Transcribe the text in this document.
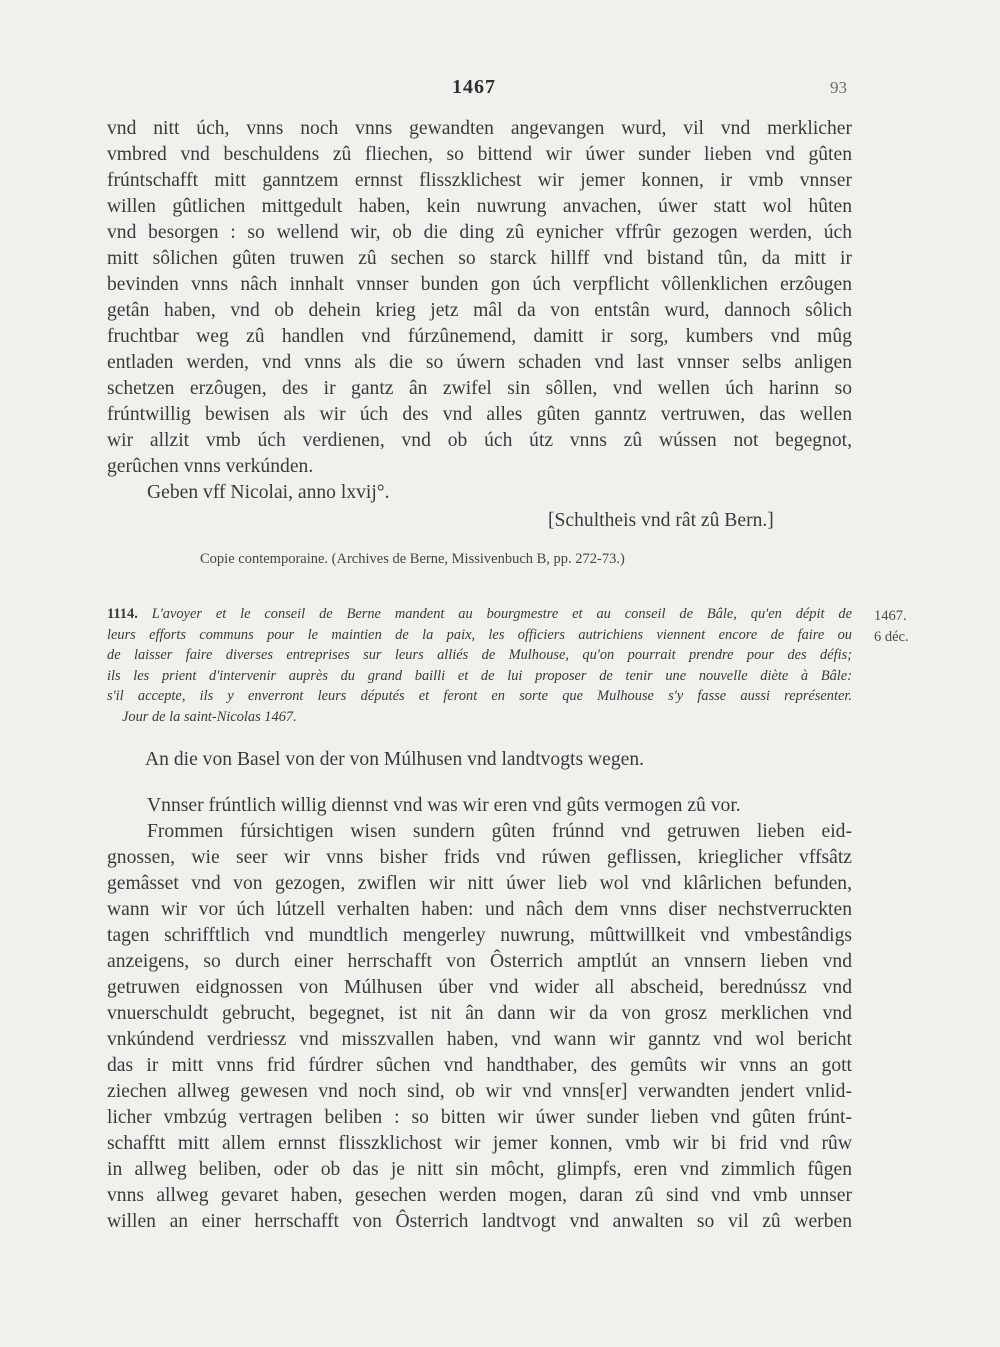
1467	93
vnd nitt úch, vnns noch vnns gewandten angevangen wurd, vil vnd merklicher
vmbred vnd beschuldens zû fliechen, so bittend wir úwer sunder lieben vnd gûten
frúntschafft mitt ganntzem ernnst flisszklichest wir jemer konnen, ir vmb vnnser
willen gûtlichen mittgedult haben, kein nuwrung anvachen, úwer statt wol hûten
vnd besorgen : so wellend wir, ob die ding zû eynicher vffrûr gezogen werden, úch
mitt sôlichen gûten truwen zû sechen so starck hillff vnd bistand tûn, da mitt ir
bevinden vnns nâch innhalt vnnser bunden gon úch verpflicht vôllenklichen erzôugen
getân haben, vnd ob dehein krieg jetz mâl da von entstân wurd, dannoch sôlich
fruchtbar weg zû handlen vnd fúrzûnemend, damitt ir sorg, kumbers vnd mûg
entladen werden, vnd vnns als die so úwern schaden vnd last vnnser selbs anligen
schetzen erzôugen, des ir gantz ân zwifel sin sôllen, vnd wellen úch harinn so
frúntwillig bewisen als wir úch des vnd alles gûten ganntz vertruwen, das wellen
wir allzit vmb úch verdienen, vnd ob úch útz vnns zû wússen not begegnot,
gerûchen vnns verkúnden.
Geben vff Nicolai, anno lxvij°.
[Schultheis vnd rât zû Bern.]
Copie contemporaine. (Archives de Berne, Missivenbuch B, pp. 272-73.)
1114. L'avoyer et le conseil de Berne mandent au bourgmestre et au conseil de Bâle, qu'en dépit de
leurs efforts communs pour le maintien de la paix, les officiers autrichiens viennent encore de faire ou
de laisser faire diverses entreprises sur leurs alliés de Mulhouse, qu'on pourrait prendre pour des défis;
ils les prient d'intervenir auprès du grand bailli et de lui proposer de tenir une nouvelle diète à Bâle:
s'il accepte, ils y enverront leurs députés et feront en sorte que Mulhouse s'y fasse aussi représenter.
Jour de la saint-Nicolas 1467.
1467.
6 déc.
An die von Basel von der von Múlhusen vnd landtvogts wegen.
Vnnser frúntlich willig diennst vnd was wir eren vnd gûts vermogen zû vor.
Frommen fúrsichtigen wisen sundern gûten frúnnd vnd getruwen lieben eid-
gnossen, wie seer wir vnns bisher frids vnd rúwen geflissen, krieglicher vffsâtz
gemâsset vnd von gezogen, zwiflen wir nitt úwer lieb wol vnd klârlichen befunden,
wann wir vor úch lútzell verhalten haben: und nâch dem vnns diser nechstverruckten
tagen schrifftlich vnd mundtlich mengerley nuwrung, mûttwillkeit vnd vmbestândigs
anzeigens, so durch einer herrschafft von Ôsterrich amptlút an vnnsern lieben vnd
getruwen eidgnossen von Múlhusen úber vnd wider all abscheid, berednússz vnd
vnuerschuldt gebrucht, begegnet, ist nit ân dann wir da von grosz merklichen vnd
vnkúndend verdriessz vnd misszvallen haben, vnd wann wir ganntz vnd wol bericht
das ir mitt vnns frid fúrdrer sûchen vnd handthaber, des gemûts wir vnns an gott
ziechen allweg gewesen vnd noch sind, ob wir vnd vnns[er] verwandten jendert vnlid-
licher vmbzúg vertragen beliben : so bitten wir úwer sunder lieben vnd gûten frúnt-
schafftt mitt allem ernnst flisszklichost wir jemer konnen, vmb wir bi frid vnd rûw
in allweg beliben, oder ob das je nitt sin môcht, glimpfs, eren vnd zimmlich fûgen
vnns allweg gevaret haben, gesechen werden mogen, daran zû sind vnd vmb unnser
willen an einer herrschafft von Ôsterrich landtvogt vnd anwalten so vil zû werben
